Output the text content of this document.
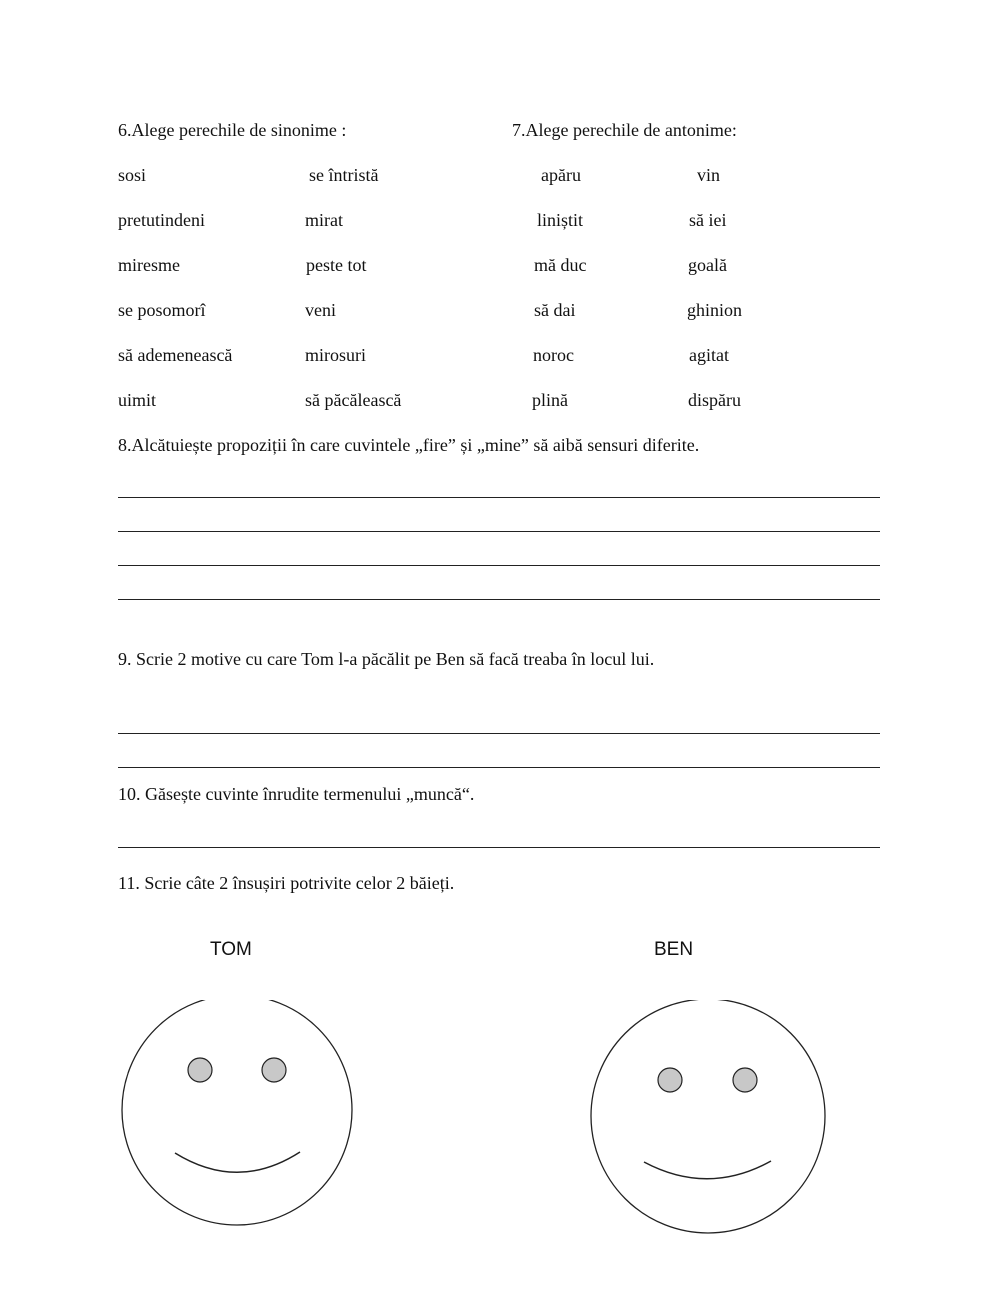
6.Alege perechile de sinonime :
sosi
pretutindeni
miresme
se posomorî
să ademenească
uimit
se întristă
mirat
peste tot
veni
mirosuri
să păcălească
7.Alege perechile de antonime:
apăru
liniștit
mă duc
să dai
noroc
plină
vin
să iei
goală
ghinion
agitat
dispăru
8.Alcătuiește propoziții în care cuvintele „fire” și „mine” să aibă sensuri diferite.
9. Scrie 2 motive cu care Tom l-a păcălit pe Ben să facă treaba în locul lui.
10. Găsește cuvinte înrudite termenului „muncă“.
11. Scrie câte 2 însușiri potrivite celor 2 băieți.
TOM	BEN
